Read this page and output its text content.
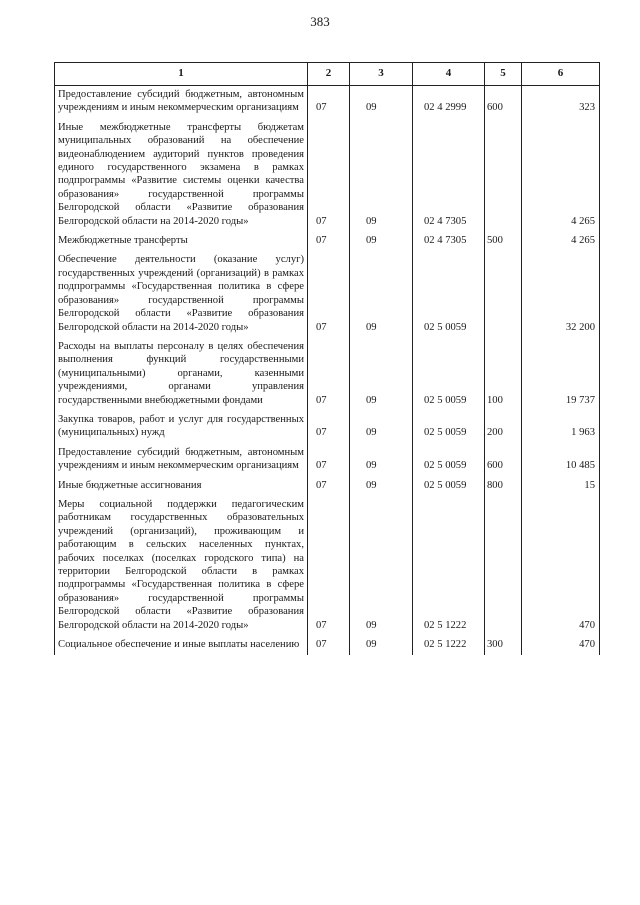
383
1	2	3	4	5	6
Предоставление субсидий бюджетным, автономным учреждениям и иным некоммерческим организациям	07	09	02 4 2999	600	323
Иные межбюджетные трансферты бюджетам муниципальных образований на обеспечение видеонаблюдением аудиторий пунктов проведения единого государственного экзамена в рамках подпрограммы «Развитие системы оценки качества образования» государственной программы Белгородской области «Развитие образования Белгородской области на 2014-2020 годы»	07	09	02 4 7305		4 265
Межбюджетные трансферты	07	09	02 4 7305	500	4 265
Обеспечение деятельности (оказание услуг) государственных учреждений (организаций) в рамках подпрограммы «Государственная политика в сфере образования» государственной программы Белгородской области «Развитие образования Белгородской области на 2014-2020 годы»	07	09	02 5 0059		32 200
Расходы на выплаты персоналу в целях обеспечения выполнения функций государственными (муниципальными) органами, казенными учреждениями, органами управления государственными внебюджетными фондами	07	09	02 5 0059	100	19 737
Закупка товаров, работ и услуг для государственных (муниципальных) нужд	07	09	02 5 0059	200	1 963
Предоставление субсидий бюджетным, автономным учреждениям и иным некоммерческим организациям	07	09	02 5 0059	600	10 485
Иные бюджетные ассигнования	07	09	02 5 0059	800	15
Меры социальной поддержки педагогическим работникам государственных образовательных учреждений (организаций), проживающим и работающим в сельских населенных пунктах, рабочих поселках (поселках городского типа) на территории Белгородской области в рамках подпрограммы «Государственная политика в сфере образования» государственной программы Белгородской области «Развитие образования Белгородской области на 2014-2020 годы»	07	09	02 5 1222		470
Социальное обеспечение и иные выплаты населению	07	09	02 5 1222	300	470
